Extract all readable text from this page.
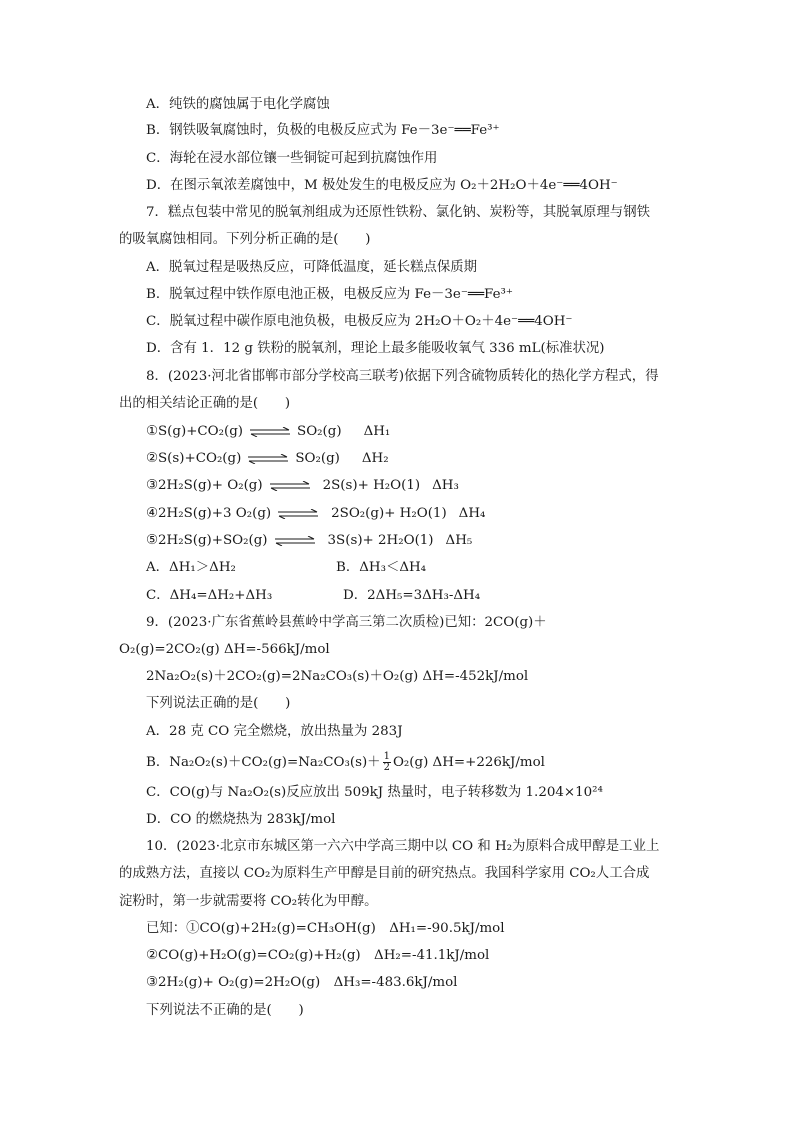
A．纯铁的腐蚀属于电化学腐蚀
B．钢铁吸氧腐蚀时，负极的电极反应式为 Fe－3e⁻══Fe³⁺
C．海轮在浸水部位镶一些铜锭可起到抗腐蚀作用
D．在图示氧浓差腐蚀中，M 极处发生的电极反应为 O₂＋2H₂O＋4e⁻══4OH⁻
7．糕点包装中常见的脱氧剂组成为还原性铁粉、氯化钠、炭粉等，其脱氧原理与钢铁
的吸氧腐蚀相同。下列分析正确的是(　　)
A．脱氧过程是吸热反应，可降低温度，延长糕点保质期
B．脱氧过程中铁作原电池正极，电极反应为 Fe－3e⁻══Fe³⁺
C．脱氧过程中碳作原电池负极，电极反应为 2H₂O＋O₂＋4e⁻══4OH⁻
D．含有 1．12 g 铁粉的脱氧剂，理论上最多能吸收氧气 336 mL(标准状况)
8．(2023·河北省邯郸市部分学校高三联考)依据下列含硫物质转化的热化学方程式，得
出的相关结论正确的是(　　)
①S(g)+CO₂(g) ⇌ SO₂(g) ΔH₁
②S(s)+CO₂(g) ⇌ SO₂(g) ΔH₂
③2H₂S(g)+ O₂(g) ⇌ 2S(s)+ H₂O(1) ΔH₃
④2H₂S(g)+3 O₂(g) ⇌ 2SO₂(g)+ H₂O(1) ΔH₄
⑤2H₂S(g)+SO₂(g) ⇌ 3S(s)+ 2H₂O(1) ΔH₅
A．ΔH₁＞ΔH₂	B．ΔH₃＜ΔH₄
C．ΔH₄=ΔH₂+ΔH₃	D．2ΔH₅=3ΔH₃-ΔH₄
9．(2023·广东省蕉岭县蕉岭中学高三第二次质检)已知：2CO(g)＋
O₂(g)=2CO₂(g) ΔH=-566kJ/mol
2Na₂O₂(s)＋2CO₂(g)=2Na₂CO₃(s)＋O₂(g) ΔH=-452kJ/mol
下列说法正确的是(　　)
A．28 克 CO 完全燃烧，放出热量为 283J
B．$Na_2O_2(s)+CO_2(g)=Na_2CO_3(s)+ \frac{1}{2} O_2(g)$ ΔH=+226kJ/mol
C．CO(g)与 Na₂O₂(s)反应放出 509kJ 热量时，电子转移数为 1.204×10²⁴
D．CO 的燃烧热为 283kJ/mol
10．(2023·北京市东城区第一六六中学高三期中以 CO 和 H₂为原料合成甲醇是工业上
的成熟方法，直接以 CO₂为原料生产甲醇是目前的研究热点。我国科学家用 CO₂人工合成
淀粉时，第一步就需要将 CO₂转化为甲醇。
已知：①CO(g)+2H₂(g)=CH₃OH(g)　ΔH₁=-90.5kJ/mol
②CO(g)+H₂O(g)=CO₂(g)+H₂(g)　ΔH₂=-41.1kJ/mol
③2H₂(g)+ O₂(g)=2H₂O(g)　ΔH₃=-483.6kJ/mol
下列说法不正确的是(　　)
